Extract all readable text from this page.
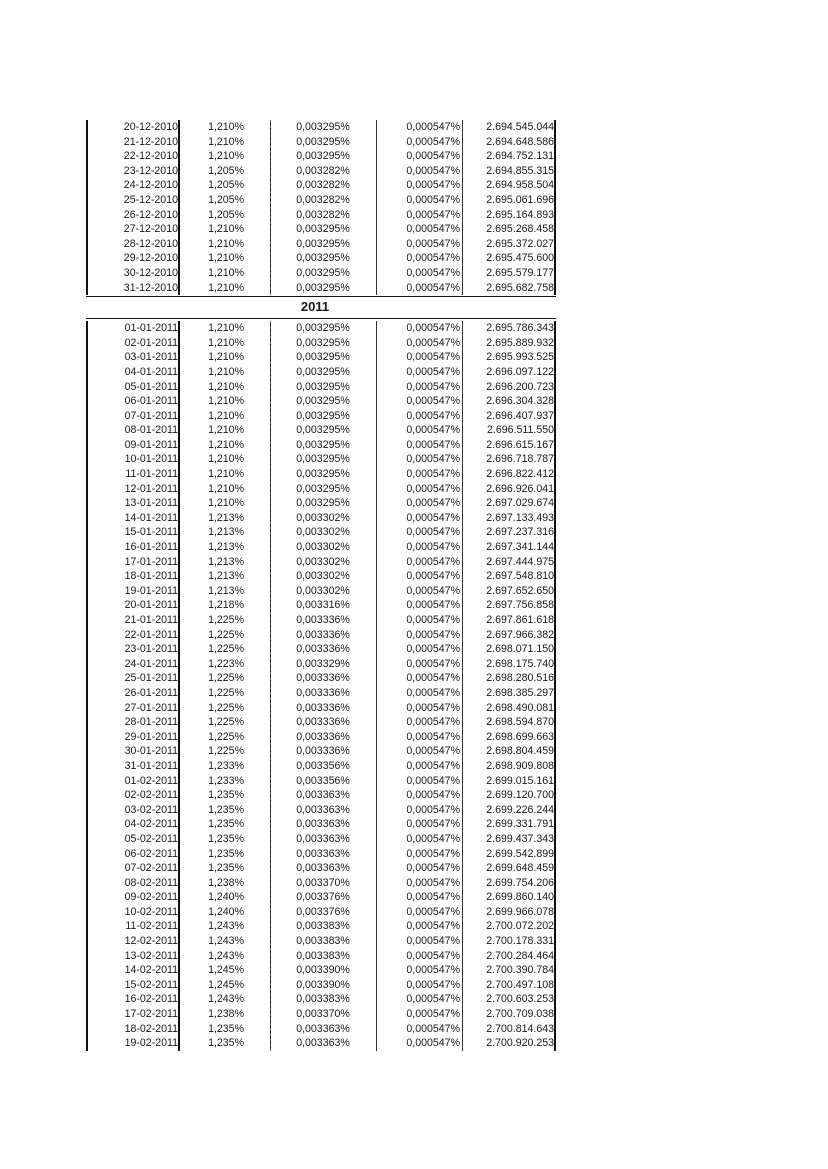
20-12-2010	1,210%	0,003295%	0,000547%	2.694.545.044
21-12-2010	1,210%	0,003295%	0,000547%	2.694.648.586
22-12-2010	1,210%	0,003295%	0,000547%	2.694.752.131
23-12-2010	1,205%	0,003282%	0,000547%	2.694.855.315
24-12-2010	1,205%	0,003282%	0,000547%	2.694.958.504
25-12-2010	1,205%	0,003282%	0,000547%	2.695.061.696
26-12-2010	1,205%	0,003282%	0,000547%	2.695.164.893
27-12-2010	1,210%	0,003295%	0,000547%	2.695.268.458
28-12-2010	1,210%	0,003295%	0,000547%	2.695.372.027
29-12-2010	1,210%	0,003295%	0,000547%	2.695.475.600
30-12-2010	1,210%	0,003295%	0,000547%	2.695.579.177
31-12-2010	1,210%	0,003295%	0,000547%	2.695.682.758
2011
01-01-2011	1,210%	0,003295%	0,000547%	2.695.786.343
02-01-2011	1,210%	0,003295%	0,000547%	2.695.889.932
03-01-2011	1,210%	0,003295%	0,000547%	2.695.993.525
04-01-2011	1,210%	0,003295%	0,000547%	2.696.097.122
05-01-2011	1,210%	0,003295%	0,000547%	2.696.200.723
06-01-2011	1,210%	0,003295%	0,000547%	2.696.304.328
07-01-2011	1,210%	0,003295%	0,000547%	2.696.407.937
08-01-2011	1,210%	0,003295%	0,000547%	2.696.511.550
09-01-2011	1,210%	0,003295%	0,000547%	2.696.615.167
10-01-2011	1,210%	0,003295%	0,000547%	2.696.718.787
11-01-2011	1,210%	0,003295%	0,000547%	2.696.822.412
12-01-2011	1,210%	0,003295%	0,000547%	2.696.926.041
13-01-2011	1,210%	0,003295%	0,000547%	2.697.029.674
14-01-2011	1,213%	0,003302%	0,000547%	2.697.133.493
15-01-2011	1,213%	0,003302%	0,000547%	2.697.237.316
16-01-2011	1,213%	0,003302%	0,000547%	2.697.341.144
17-01-2011	1,213%	0,003302%	0,000547%	2.697.444.975
18-01-2011	1,213%	0,003302%	0,000547%	2.697.548.810
19-01-2011	1,213%	0,003302%	0,000547%	2.697.652.650
20-01-2011	1,218%	0,003316%	0,000547%	2.697.756.858
21-01-2011	1,225%	0,003336%	0,000547%	2.697.861.618
22-01-2011	1,225%	0,003336%	0,000547%	2.697.966.382
23-01-2011	1,225%	0,003336%	0,000547%	2.698.071.150
24-01-2011	1,223%	0,003329%	0,000547%	2.698.175.740
25-01-2011	1,225%	0,003336%	0,000547%	2.698.280.516
26-01-2011	1,225%	0,003336%	0,000547%	2.698.385.297
27-01-2011	1,225%	0,003336%	0,000547%	2.698.490.081
28-01-2011	1,225%	0,003336%	0,000547%	2.698.594.870
29-01-2011	1,225%	0,003336%	0,000547%	2.698.699.663
30-01-2011	1,225%	0,003336%	0,000547%	2.698.804.459
31-01-2011	1,233%	0,003356%	0,000547%	2.698.909.808
01-02-2011	1,233%	0,003356%	0,000547%	2.699.015.161
02-02-2011	1,235%	0,003363%	0,000547%	2.699.120.700
03-02-2011	1,235%	0,003363%	0,000547%	2.699.226.244
04-02-2011	1,235%	0,003363%	0,000547%	2.699.331.791
05-02-2011	1,235%	0,003363%	0,000547%	2.699.437.343
06-02-2011	1,235%	0,003363%	0,000547%	2.699.542.899
07-02-2011	1,235%	0,003363%	0,000547%	2.699.648.459
08-02-2011	1,238%	0,003370%	0,000547%	2.699.754.206
09-02-2011	1,240%	0,003376%	0,000547%	2.699.860.140
10-02-2011	1,240%	0,003376%	0,000547%	2.699.966.078
11-02-2011	1,243%	0,003383%	0,000547%	2.700.072.202
12-02-2011	1,243%	0,003383%	0,000547%	2.700.178.331
13-02-2011	1,243%	0,003383%	0,000547%	2.700.284.464
14-02-2011	1,245%	0,003390%	0,000547%	2.700.390.784
15-02-2011	1,245%	0,003390%	0,000547%	2.700.497.108
16-02-2011	1,243%	0,003383%	0,000547%	2.700.603.253
17-02-2011	1,238%	0,003370%	0,000547%	2.700.709.038
18-02-2011	1,235%	0,003363%	0,000547%	2.700.814.643
19-02-2011	1,235%	0,003363%	0,000547%	2.700.920.253
